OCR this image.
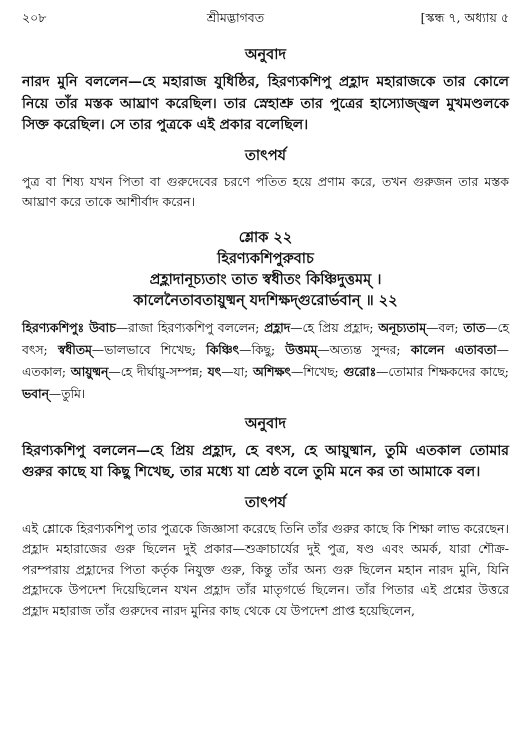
২০৮	শ্রীমদ্ভাগবত	[স্কন্ধ ৭, অধ্যায় ৫
অনুবাদ

নারদ মুনি বললেন—হে মহারাজ যুধিষ্ঠির, হিরণ্যকশিপু প্রহ্লাদ মহারাজকে তার কোলে নিয়ে তাঁর মস্তক আঘ্রাণ করেছিল। তার স্নেহাশ্রু তার পুত্রের হাস্যোজ্জ্বল মুখমণ্ডলকে সিক্ত করেছিল। সে তার পুত্রকে এই প্রকার বলেছিল।

তাৎপর্য

পুত্র বা শিষ্য যখন পিতা বা গুরুদেবের চরণে পতিত হয়ে প্রণাম করে, তখন গুরুজন তার মস্তক আঘ্রাণ করে তাকে আশীর্বাদ করেন।

শ্লোক ২২
হিরণ্যকশিপুরুবাচ
প্রহ্লাদানূচ্যতাং তাত স্বধীতং কিঞ্চিদুত্তমম্ ।
কালেনৈতাবতায়ুষ্মন্ যদশিক্ষদ্‌গুরোর্ভবান্ ॥ ২২

হিরণ্যকশিপুঃ উবাচ—রাজা হিরণ্যকশিপু বললেন; প্রহ্লাদ—হে প্রিয় প্রহ্লাদ; অনূচ্যতাম্—বল; তাত—হে বৎস; স্বধীতম্—ভালভাবে শিখেছ; কিঞ্চিৎ—কিছু; উত্তমম্—অত্যন্ত সুন্দর; কালেন এতাবতা—এতকাল; আয়ুষ্মন্—হে দীর্ঘায়ু-সম্পন্ন; যৎ—যা; অশিক্ষৎ—শিখেছ; গুরোঃ—তোমার শিক্ষকদের কাছে; ভবান্—তুমি।

অনুবাদ

হিরণ্যকশিপু বললেন—হে প্রিয় প্রহ্লাদ, হে বৎস, হে আয়ুষ্মান, তুমি এতকাল তোমার গুরুর কাছে যা কিছু শিখেছ, তার মধ্যে যা শ্রেষ্ঠ বলে তুমি মনে কর তা আমাকে বল।

তাৎপর্য

এই শ্লোকে হিরণ্যকশিপু তার পুত্রকে জিজ্ঞাসা করেছে তিনি তাঁর গুরুর কাছে কি শিক্ষা লাভ করেছেন। প্রহ্লাদ মহারাজের গুরু ছিলেন দুই প্রকার—শুক্রাচার্যের দুই পুত্র, ষণ্ড এবং অমর্ক, যারা শৌক্র-পরম্পরায় প্রহ্লাদের পিতা কর্তৃক নিযুক্ত গুরু, কিন্তু তাঁর অন্য গুরু ছিলেন মহান নারদ মুনি, যিনি প্রহ্লাদকে উপদেশ দিয়েছিলেন যখন প্রহ্লাদ তাঁর মাতৃগর্ভে ছিলেন। তাঁর পিতার এই প্রশ্নের উত্তরে প্রহ্লাদ মহারাজ তাঁর গুরুদেব নারদ মুনির কাছ থেকে যে উপদেশ প্রাপ্ত হয়েছিলেন,
